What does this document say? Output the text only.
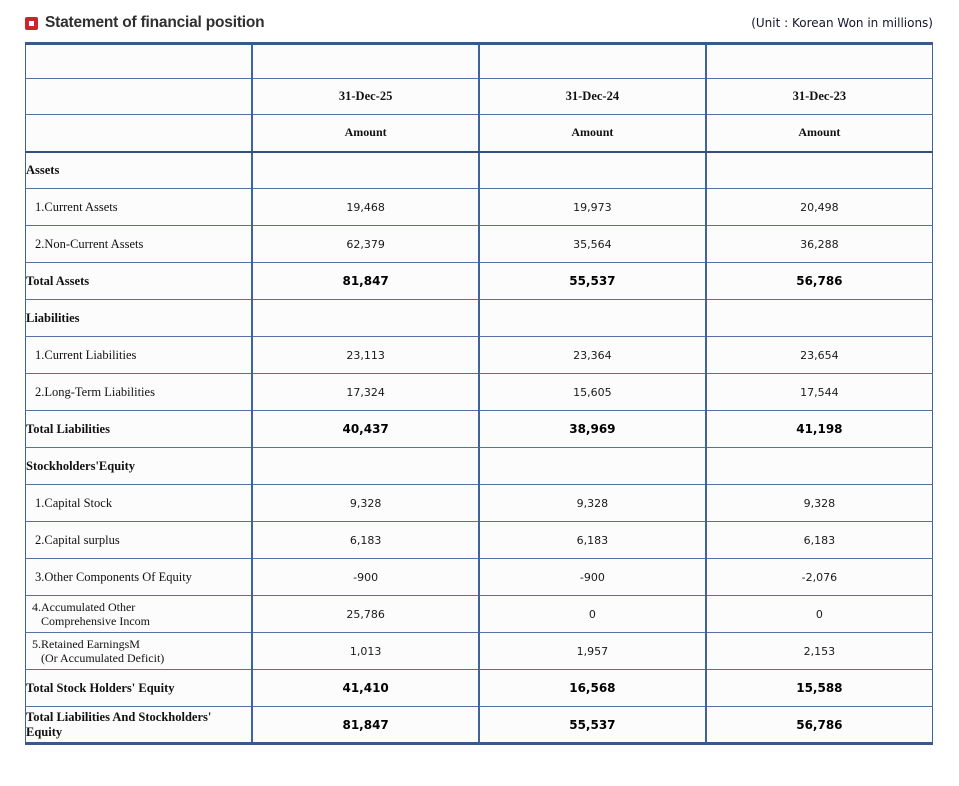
Statement of financial position	(Unit : Korean Won in millions)

	31-Dec-25	31-Dec-24	31-Dec-23
	Amount	Amount	Amount
Assets			

1.Current Assets	19,468	19,973	20,498

2.Non-Current Assets	62,379	35,564	36,288
Total Assets	81,847	55,537	56,786
Liabilities			

1.Current Liabilities	23,113	23,364	23,654

2.Long-Term Liabilities	17,324	15,605	17,544
Total Liabilities	40,437	38,969	41,198
Stockholders'Equity			

1.Capital Stock	9,328	9,328	9,328

2.Capital surplus	6,183	6,183	6,183

3.Other Components Of Equity	-900	-900	-2,076

4.Accumulated Other
Comprehensive Incom	25,786	0	0

5.Retained EarningsM
(Or Accumulated Deficit)	1,013	1,957	2,153
Total Stock Holders' Equity	41,410	16,568	15,588

Total Liabilities And Stockholders'
Equity	81,847	55,537	56,786
